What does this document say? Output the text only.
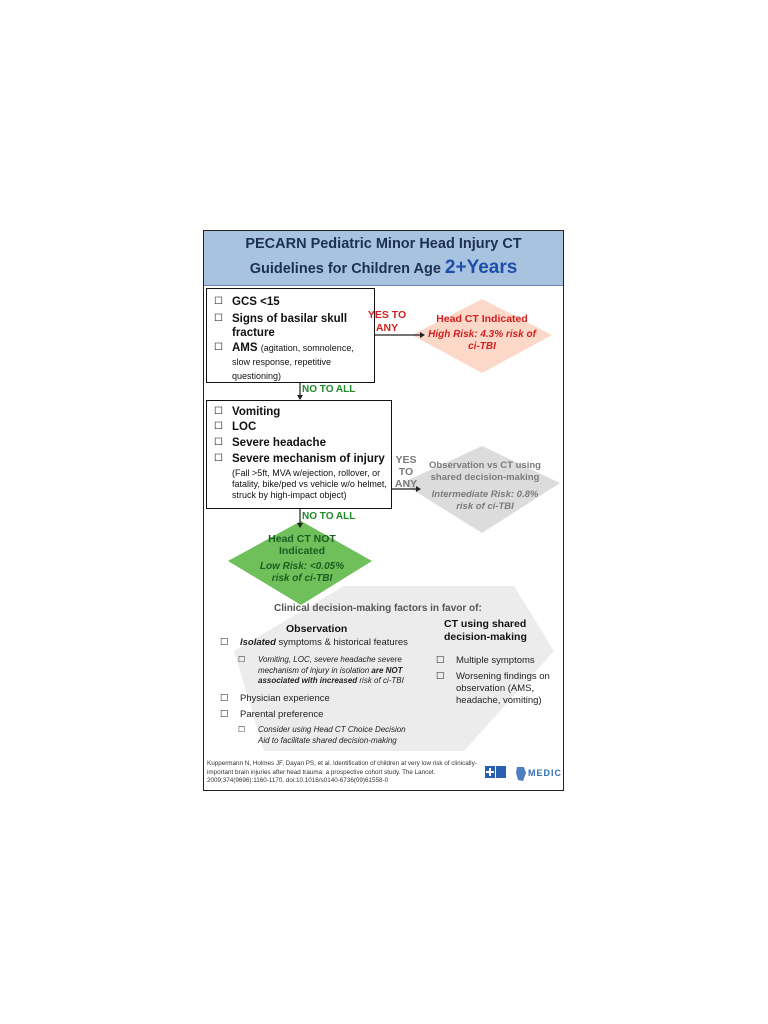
PECARN Pediatric Minor Head Injury CT
Guidelines for Children Age 2+Years
☐ GCS <15
☐ Signs of basilar skull fracture
☐ AMS (agitation, somnolence, slow response, repetitive questioning)
YES TO ANY
Head CT Indicated
High Risk: 4.3% risk of ci-TBI
NO TO ALL
☐ Vomiting
☐ LOC
☐ Severe headache
☐ Severe mechanism of injury
(Fall >5ft, MVA w/ejection, rollover, or fatality, bike/ped vs vehicle w/o helmet, struck by high-impact object)
YES TO ANY
Observation vs CT using shared decision-making
Intermediate Risk: 0.8% risk of ci-TBI
NO TO ALL
Head CT NOT Indicated
Low Risk: <0.05% risk of ci-TBI
Clinical decision-making factors in favor of:
Observation	CT using shared decision-making
☐ Isolated symptoms & historical features
☐ Vomiting, LOC, severe headache severe mechanism of injury in isolation are NOT associated with increased risk of ci-TBI
☐ Physician experience
☐ Parental preference
☐ Consider using Head CT Choice Decision Aid to facilitate shared decision-making
☐ Multiple symptoms
☐ Worsening findings on observation (AMS, headache, vomiting)
Kuppermann N, Holmes JF, Dayan PS, et al. Identification of children at very low risk of clinically-important brain injuries after head trauma: a prospective cohort study. The Lancet. 2009;374(9696):1160-1170. doi:10.1016/s0140-6736(09)61558-0
MEDIC
